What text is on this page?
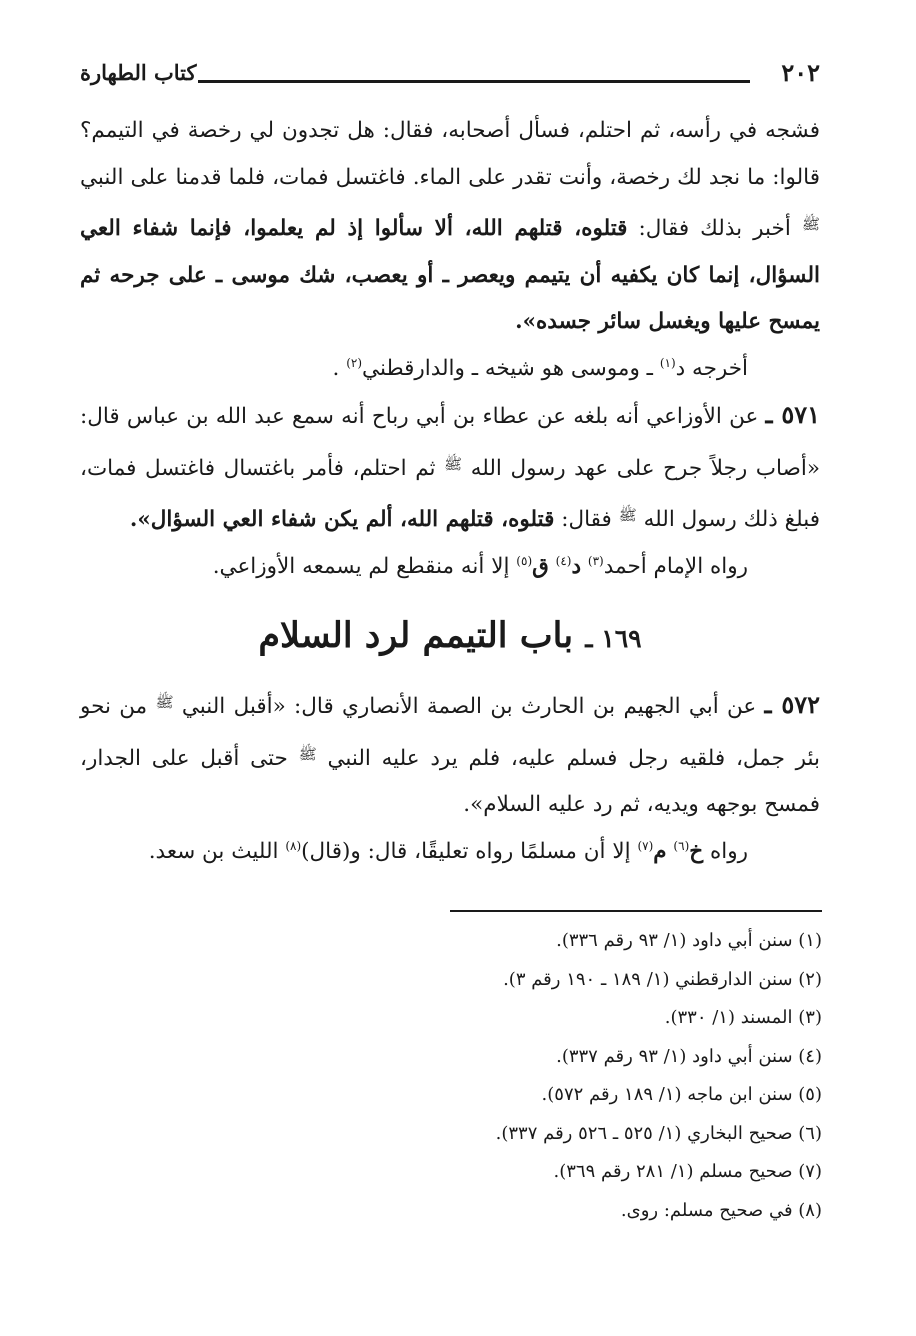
٢٠٢
كتاب الطهارة

فشجه في رأسه، ثم احتلم، فسأل أصحابه، فقال: هل تجدون لي رخصة في التيمم؟ قالوا: ما نجد لك رخصة، وأنت تقدر على الماء. فاغتسل فمات، فلما قدمنا على النبي $^ﷺ$ أخبر بذلك فقال: قتلوه، قتلهم الله، ألا سألوا إذ لم يعلموا، فإنما شفاء العي السؤال، إنما كان يكفيه أن يتيمم ويعصر ـ أو يعصب، شك موسى ـ على جرحه ثم يمسح عليها ويغسل سائر جسده».

أخرجه د$^{(١)}$ ـ وموسى هو شيخه ـ والدارقطني$^{(٢)}$ .

٥٧١ ـ عن الأوزاعي أنه بلغه عن عطاء بن أبي رباح أنه سمع عبد الله بن عباس قال: «أصاب رجلاً جرح على عهد رسول الله $^ﷺ$ ثم احتلم، فأمر باغتسال فاغتسل فمات، فبلغ ذلك رسول الله $^ﷺ$ فقال: قتلوه، قتلهم الله، ألم يكن شفاء العي السؤال».

رواه الإمام أحمد$^{(٣)}$ د$^{(٤)}$ ق$^{(٥)}$ إلا أنه منقطع لم يسمعه الأوزاعي.

١٦٩ ـ باب التيمم لرد السلام

٥٧٢ ـ عن أبي الجهيم بن الحارث بن الصمة الأنصاري قال: «أقبل النبي $^ﷺ$ من نحو بئر جمل، فلقيه رجل فسلم عليه، فلم يرد عليه النبي $^ﷺ$ حتى أقبل على الجدار، فمسح بوجهه ويديه، ثم رد عليه السلام».

رواه خ$^{(٦)}$ م$^{(٧)}$ إلا أن مسلمًا رواه تعليقًا، قال: و(قال)$^{(٨)}$ الليث بن سعد.

(١) سنن أبي داود (١/ ٩٣ رقم ٣٣٦).
(٢) سنن الدارقطني (١/ ١٨٩ ـ ١٩٠ رقم ٣).
(٣) المسند (١/ ٣٣٠).
(٤) سنن أبي داود (١/ ٩٣ رقم ٣٣٧).
(٥) سنن ابن ماجه (١/ ١٨٩ رقم ٥٧٢).
(٦) صحيح البخاري (١/ ٥٢٥ ـ ٥٢٦ رقم ٣٣٧).
(٧) صحيح مسلم (١/ ٢٨١ رقم ٣٦٩).
(٨) في صحيح مسلم: روى.
